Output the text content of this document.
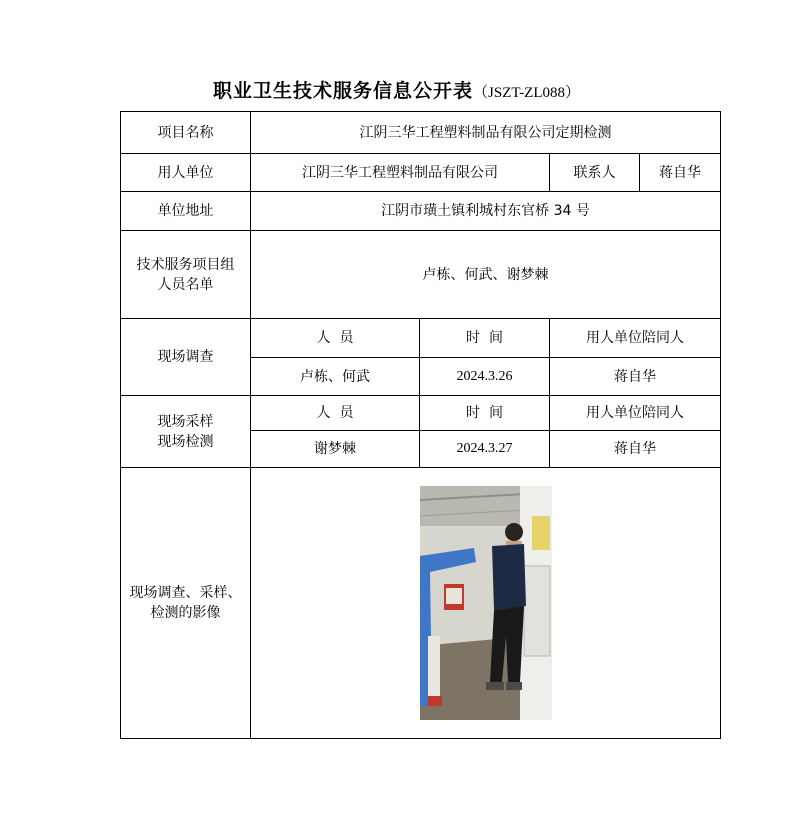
职业卫生技术服务信息公开表（JSZT-ZL088）
项目名称	江阴三华工程塑料制品有限公司定期检测			
用人单位	江阴三华工程塑料制品有限公司		联系人	蒋自华
单位地址	江阴市璜土镇利城村东官桥 34 号			

技术服务项目组
人员名单	卢栋、何武、谢梦棘			
现场调查	人  员	时  间	用人单位陪同人	
	卢栋、何武	2024.3.26	蒋自华	

现场采样
现场检测	人  员	时  间	用人单位陪同人	
	谢梦棘	2024.3.27	蒋自华	

现场调查、采样、
检测的影像
